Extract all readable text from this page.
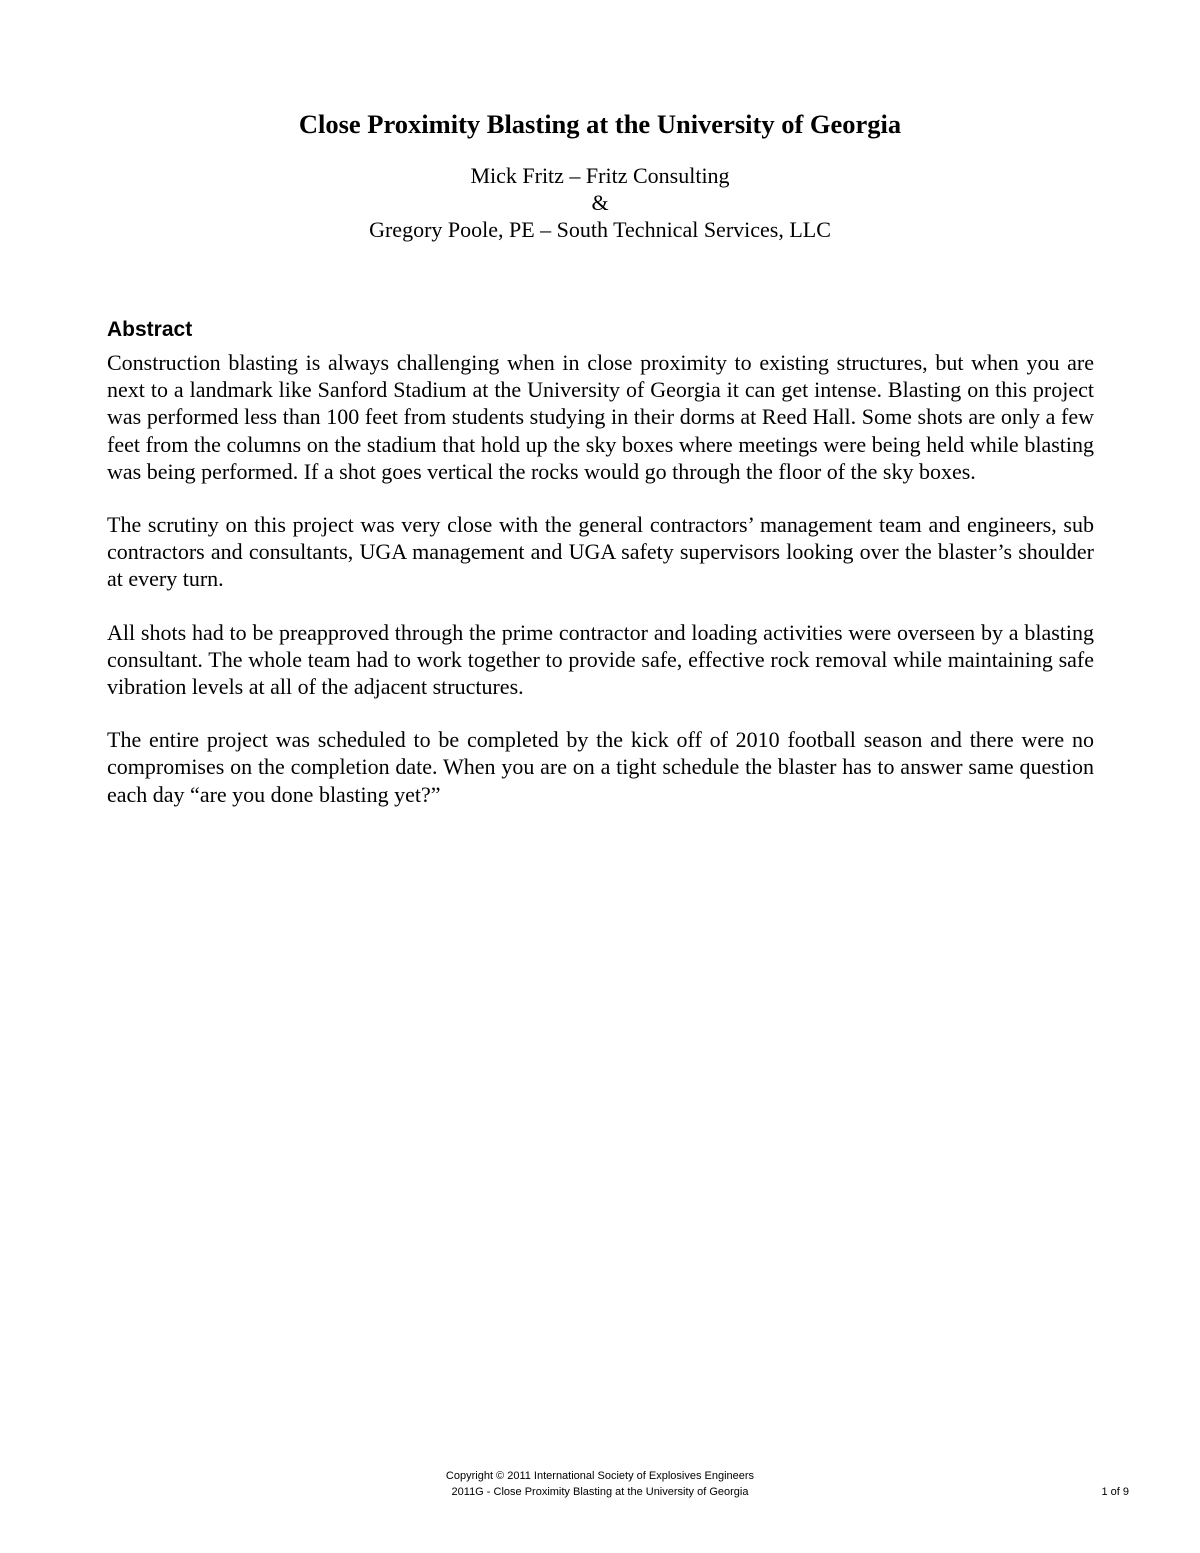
Close Proximity Blasting at the University of Georgia
Mick Fritz – Fritz Consulting
&
Gregory Poole, PE – South Technical Services, LLC
Abstract

Construction blasting is always challenging when in close proximity to existing structures, but when you are next to a landmark like Sanford Stadium at the University of Georgia it can get intense. Blasting on this project was performed less than 100 feet from students studying in their dorms at Reed Hall. Some shots are only a few feet from the columns on the stadium that hold up the sky boxes where meetings were being held while blasting was being performed. If a shot goes vertical the rocks would go through the floor of the sky boxes.

The scrutiny on this project was very close with the general contractors’ management team and engineers, sub contractors and consultants, UGA management and UGA safety supervisors looking over the blaster’s shoulder at every turn.

All shots had to be preapproved through the prime contractor and loading activities were overseen by a blasting consultant. The whole team had to work together to provide safe, effective rock removal while maintaining safe vibration levels at all of the adjacent structures.

The entire project was scheduled to be completed by the kick off of 2010 football season and there were no compromises on the completion date. When you are on a tight schedule the blaster has to answer same question each day “are you done blasting yet?”

Copyright © 2011 International Society of Explosives Engineers
2011G - Close Proximity Blasting at the University of Georgia	1 of 9
